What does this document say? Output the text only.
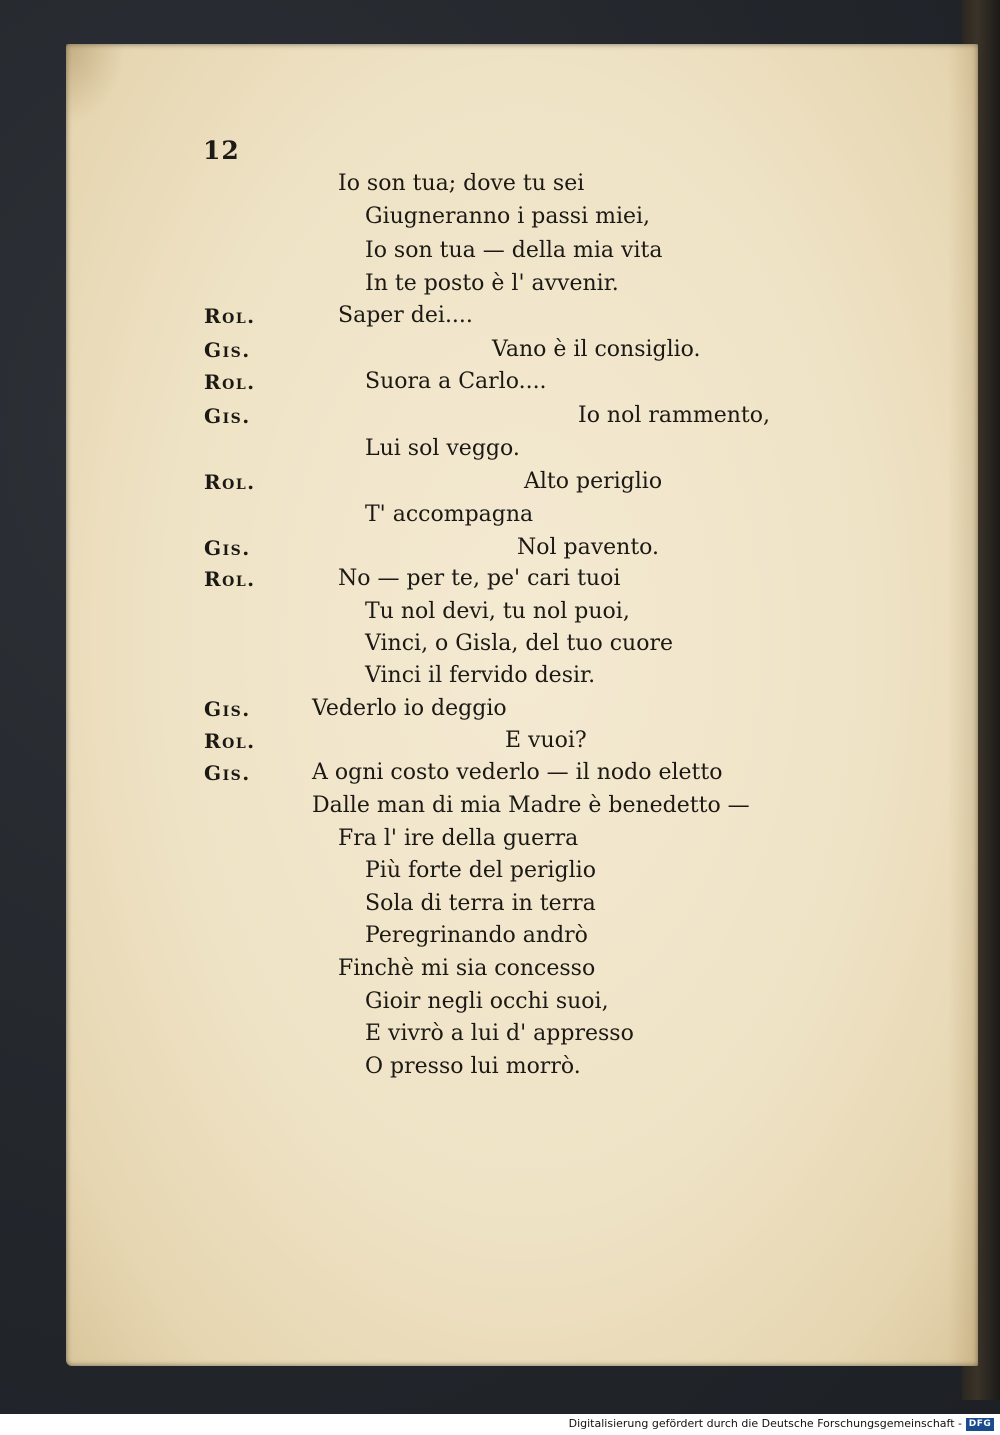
12
Io son tua; dove tu sei
Giugneranno i passi miei,
Io son tua — della mia vita
In te posto è l' avvenir.
Rol.	Saper dei....
Gis.	Vano è il consiglio.
Rol.	Suora a Carlo....
Gis.	Io nol rammento,
Lui sol veggo.
Rol.	Alto periglio
T' accompagna
Gis.	Nol pavento.
Rol.	No — per te, pe' cari tuoi
Tu nol devi, tu nol puoi,
Vinci, o Gisla, del tuo cuore
Vinci il fervido desir.
Gis.	Vederlo io deggio
Rol.	E vuoi?
Gis.	A ogni costo vederlo — il nodo eletto
Dalle man di mia Madre è benedetto —
Fra l' ire della guerra
Più forte del periglio
Sola di terra in terra
Peregrinando andrò
Finchè mi sia concesso
Gioir negli occhi suoi,
E vivrò a lui d' appresso
O presso lui morrò.
Digitalisierung gefördert durch die Deutsche Forschungsgemeinschaft - DFG
